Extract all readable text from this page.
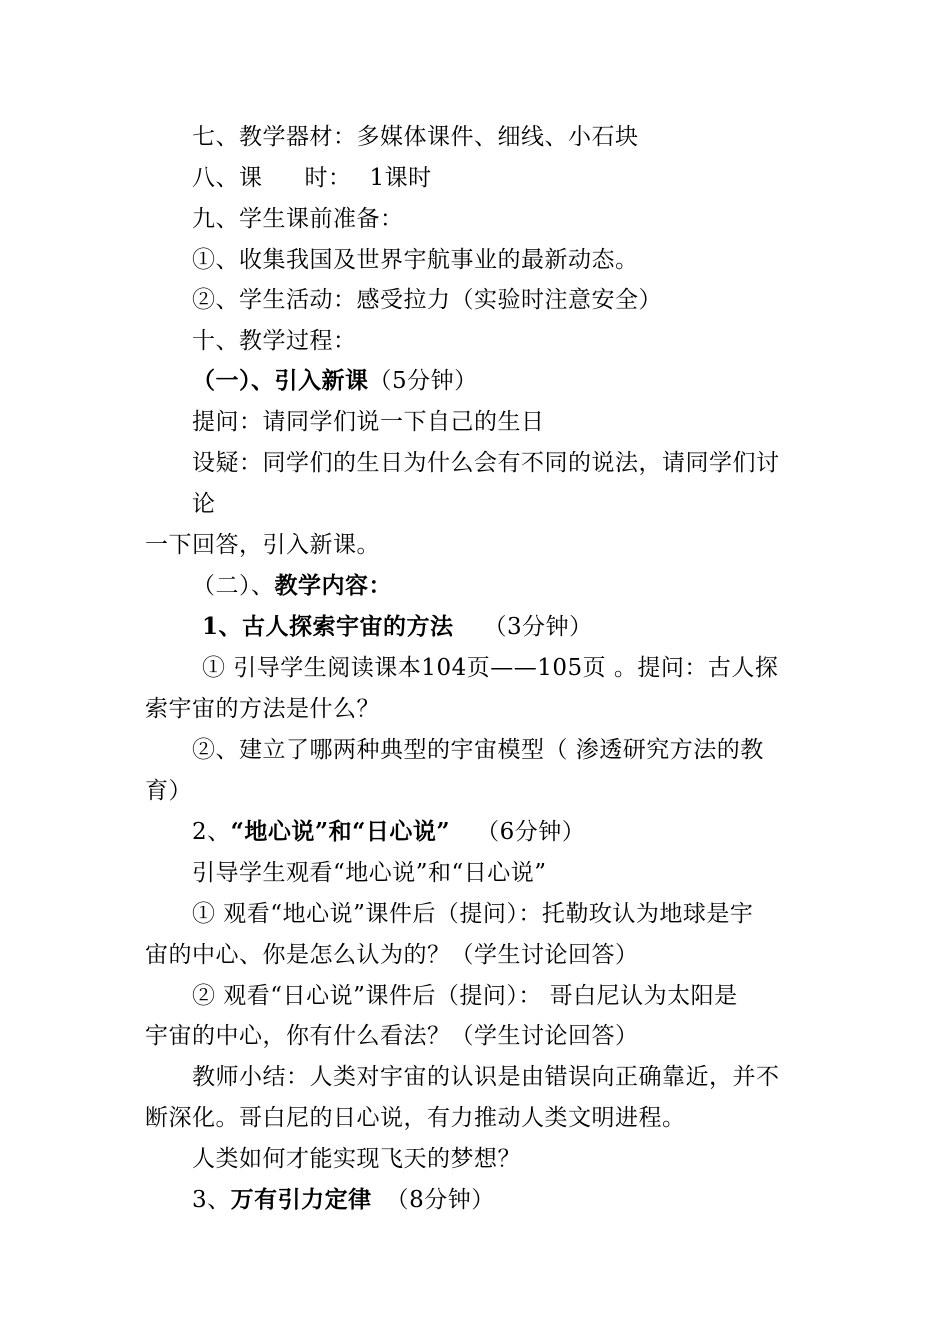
七、教学器材：多媒体课件、细线、小石块
八、课 时： 1课时
九、学生课前准备：
①、收集我国及世界宇航事业的最新动态。
②、学生活动：感受拉力（实验时注意安全）
十、教学过程：
（一）、引入新课（5分钟）
提问：请同学们说一下自己的生日
设疑：同学们的生日为什么会有不同的说法，请同学们讨
论
一下回答，引入新课。
（二）、教学内容：
1、古人探索宇宙的方法 （3分钟）
① 引导学生阅读课本104页——105页 。提问：古人探
索宇宙的方法是什么？
②、建立了哪两种典型的宇宙模型（ 渗透研究方法的教
育）
2、“地心说”和“日心说” （6分钟）
引导学生观看“地心说”和“日心说”
① 观看“地心说”课件后（提问）：托勒玫认为地球是宇
宙的中心、你是怎么认为的？（学生讨论回答）
② 观看“日心说”课件后（提问）： 哥白尼认为太阳是
宇宙的中心，你有什么看法？（学生讨论回答）
教师小结：人类对宇宙的认识是由错误向正确靠近，并不
断深化。哥白尼的日心说，有力推动人类文明进程。
人类如何才能实现飞天的梦想？
3、万有引力定律 （8分钟）
